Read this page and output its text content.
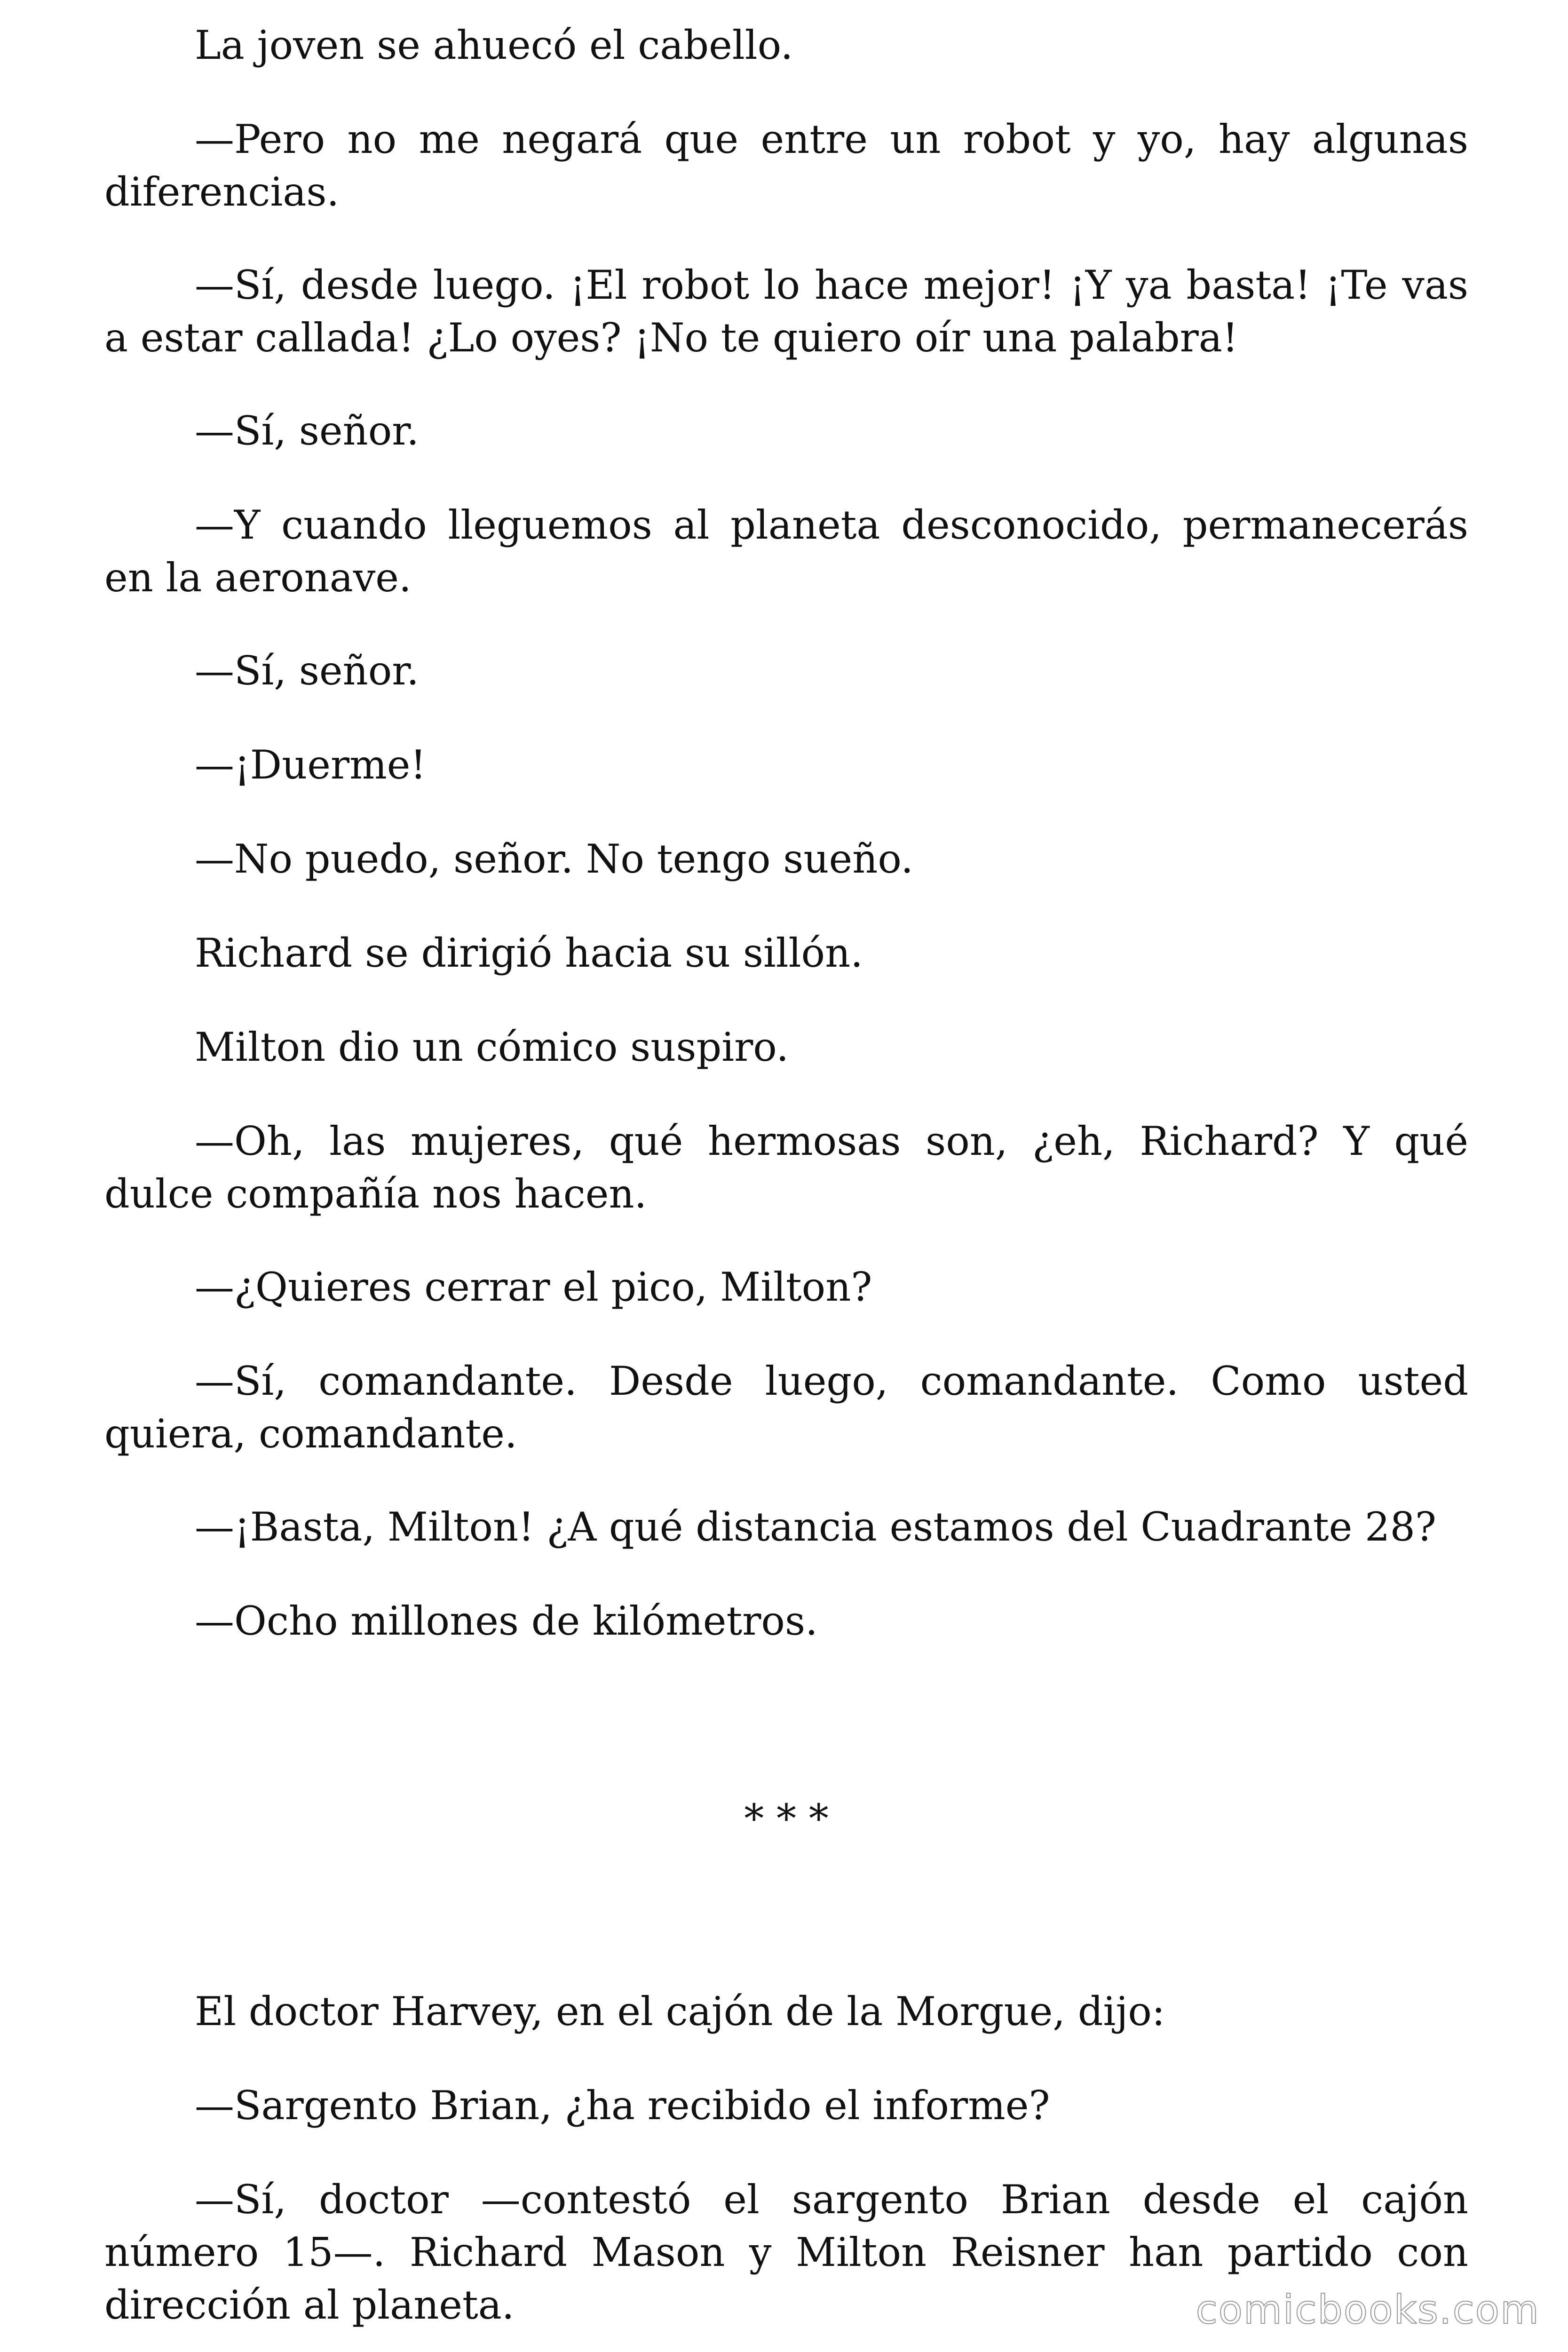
La joven se ahuecó el cabello.

—Pero no me negará que entre un robot y yo, hay algunas diferencias.

—Sí, desde luego. ¡El robot lo hace mejor! ¡Y ya basta! ¡Te vas a estar callada! ¿Lo oyes? ¡No te quiero oír una palabra!

—Sí, señor.

—Y cuando lleguemos al planeta desconocido, permanecerás en la aeronave.

—Sí, señor.

—¡Duerme!

—No puedo, señor. No tengo sueño.

Richard se dirigió hacia su sillón.

Milton dio un cómico suspiro.

—Oh, las mujeres, qué hermosas son, ¿eh, Richard? Y qué dulce compañía nos hacen.

—¿Quieres cerrar el pico, Milton?

—Sí, comandante. Desde luego, comandante. Como usted quiera, comandante.

—¡Basta, Milton! ¿A qué distancia estamos del Cuadrante 28?

—Ocho millones de kilómetros.

* * *

El doctor Harvey, en el cajón de la Morgue, dijo:

—Sargento Brian, ¿ha recibido el informe?

—Sí, doctor —contestó el sargento Brian desde el cajón número 15—. Richard Mason y Milton Reisner han partido con dirección al planeta.	comicbooks.com
